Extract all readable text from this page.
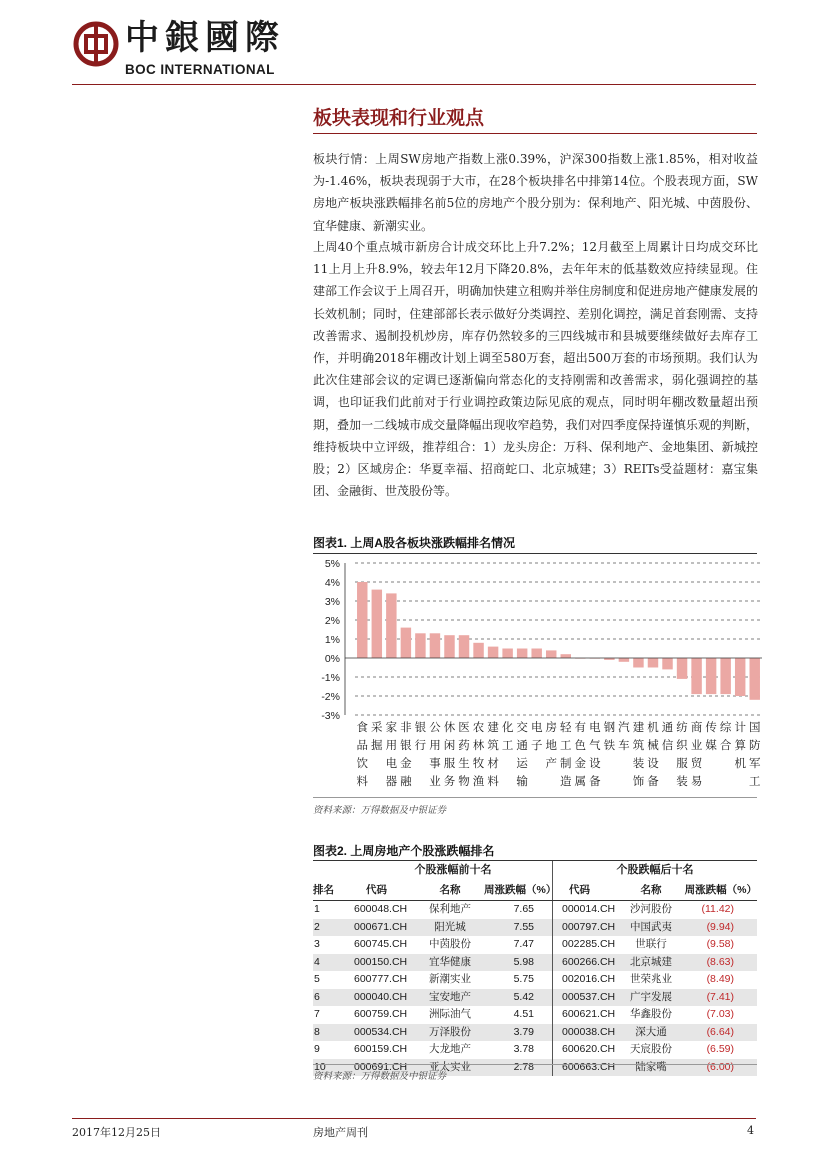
中銀國際
BOC INTERNATIONAL
板块表现和行业观点
板块行情：上周SW房地产指数上涨0.39%，沪深300指数上涨1.85%，相对收益为-1.46%，板块表现弱于大市，在28个板块排名中排第14位。个股表现方面，SW房地产板块涨跌幅排名前5位的房地产个股分别为：保利地产、阳光城、中茵股份、宜华健康、新潮实业。
上周40个重点城市新房合计成交环比上升7.2%；12月截至上周累计日均成交环比11上月上升8.9%，较去年12月下降20.8%，去年年末的低基数效应持续显现。住建部工作会议于上周召开，明确加快建立租购并举住房制度和促进房地产健康发展的长效机制；同时，住建部部长表示做好分类调控、差别化调控，满足首套刚需、支持改善需求、遏制投机炒房，库存仍然较多的三四线城市和县城要继续做好去库存工作，并明确2018年棚改计划上调至580万套，超出500万套的市场预期。我们认为此次住建部会议的定调已逐渐偏向常态化的支持刚需和改善需求，弱化强调控的基调，也印证我们此前对于行业调控政策边际见底的观点，同时明年棚改数量超出预期，叠加一二线城市成交量降幅出现收窄趋势，我们对四季度保持谨慎乐观的判断，维持板块中立评级，推荐组合：1）龙头房企：万科、保利地产、金地集团、新城控股；2）区域房企：华夏幸福、招商蛇口、北京城建；3）REITs受益题材：嘉宝集团、金融街、世茂股份等。
图表1. 上周A股各板块涨跌幅排名情况
5%
4%
3%
2%
1%
0%
-1%
-2%
-3%
食品饮料
采掘
家用电器
非银金融
银行
公用事业
休闲服务
医药生物
农林牧渔
建筑材料
化工
交通运输
电子
房地产
轻工制造
有色金属
电气设备
钢铁
汽车
建筑装饰
机械设备
通信
纺织服装
商业贸易
传媒
综合
计算机
国防军工
资料来源：万得数据及中银证券
图表2. 上周房地产个股涨跌幅排名
	个股涨幅前十名			个股跌幅后十名		
排名	代码	名称	周涨跌幅（%）	代码	名称	周涨跌幅（%）
1	600048.CH	保利地产	7.65	000014.CH	沙河股份	(11.42)
2	000671.CH	阳光城	7.55	000797.CH	中国武夷	(9.94)
3	600745.CH	中茵股份	7.47	002285.CH	世联行	(9.58)
4	000150.CH	宜华健康	5.98	600266.CH	北京城建	(8.63)
5	600777.CH	新潮实业	5.75	002016.CH	世荣兆业	(8.49)
6	000040.CH	宝安地产	5.42	000537.CH	广宇发展	(7.41)
7	600759.CH	洲际油气	4.51	600621.CH	华鑫股份	(7.03)
8	000534.CH	万泽股份	3.79	000038.CH	深大通	(6.64)
9	600159.CH	大龙地产	3.78	600620.CH	天宸股份	(6.59)
10	000691.CH	亚太实业	2.78	600663.CH	陆家嘴	(6.00)
资料来源：万得数据及中银证券
2017年12月25日	房地产周刊	4
